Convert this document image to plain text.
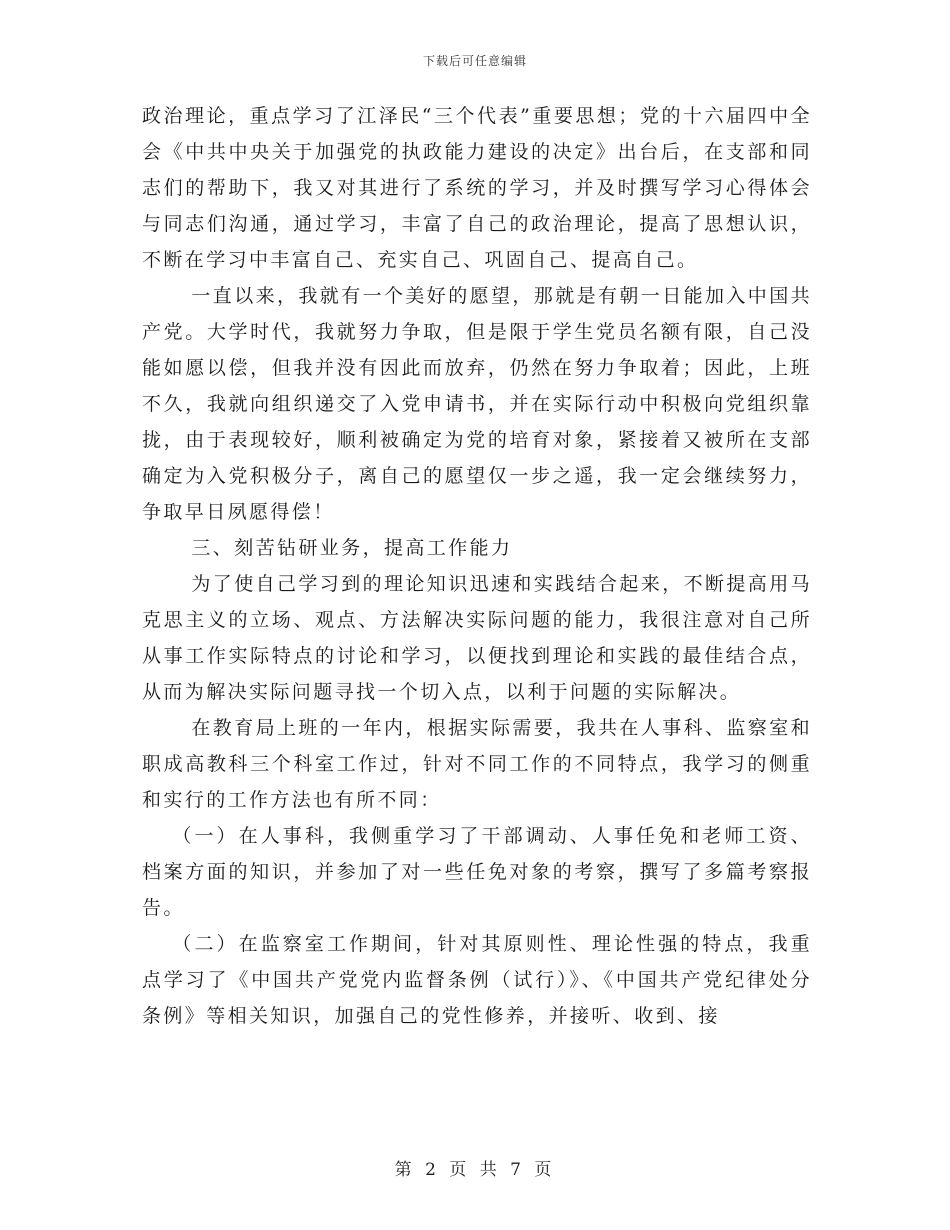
下载后可任意编辑

政治理论，重点学习了江泽民“三个代表”重要思想；党的十六届四中全会《中共中央关于加强党的执政能力建设的决定》出台后，在支部和同志们的帮助下，我又对其进行了系统的学习，并及时撰写学习心得体会与同志们沟通，通过学习，丰富了自己的政治理论，提高了思想认识，不断在学习中丰富自己、充实自己、巩固自己、提高自己。

一直以来，我就有一个美好的愿望，那就是有朝一日能加入中国共产党。大学时代，我就努力争取，但是限于学生党员名额有限，自己没能如愿以偿，但我并没有因此而放弃，仍然在努力争取着；因此，上班不久，我就向组织递交了入党申请书，并在实际行动中积极向党组织靠拢，由于表现较好，顺利被确定为党的培育对象，紧接着又被所在支部确定为入党积极分子，离自己的愿望仅一步之遥，我一定会继续努力，争取早日夙愿得偿！

三、刻苦钻研业务，提高工作能力

为了使自己学习到的理论知识迅速和实践结合起来，不断提高用马克思主义的立场、观点、方法解决实际问题的能力，我很注意对自己所从事工作实际特点的讨论和学习，以便找到理论和实践的最佳结合点，从而为解决实际问题寻找一个切入点，以利于问题的实际解决。

在教育局上班的一年内，根据实际需要，我共在人事科、监察室和职成高教科三个科室工作过，针对不同工作的不同特点，我学习的侧重和实行的工作方法也有所不同：

（一）在人事科，我侧重学习了干部调动、人事任免和老师工资、档案方面的知识，并参加了对一些任免对象的考察，撰写了多篇考察报告。

（二）在监察室工作期间，针对其原则性、理论性强的特点，我重点学习了《中国共产党党内监督条例（试行）》、《中国共产党纪律处分条例》等相关知识，加强自己的党性修养，并接听、收到、接

第 2 页 共 7 页
